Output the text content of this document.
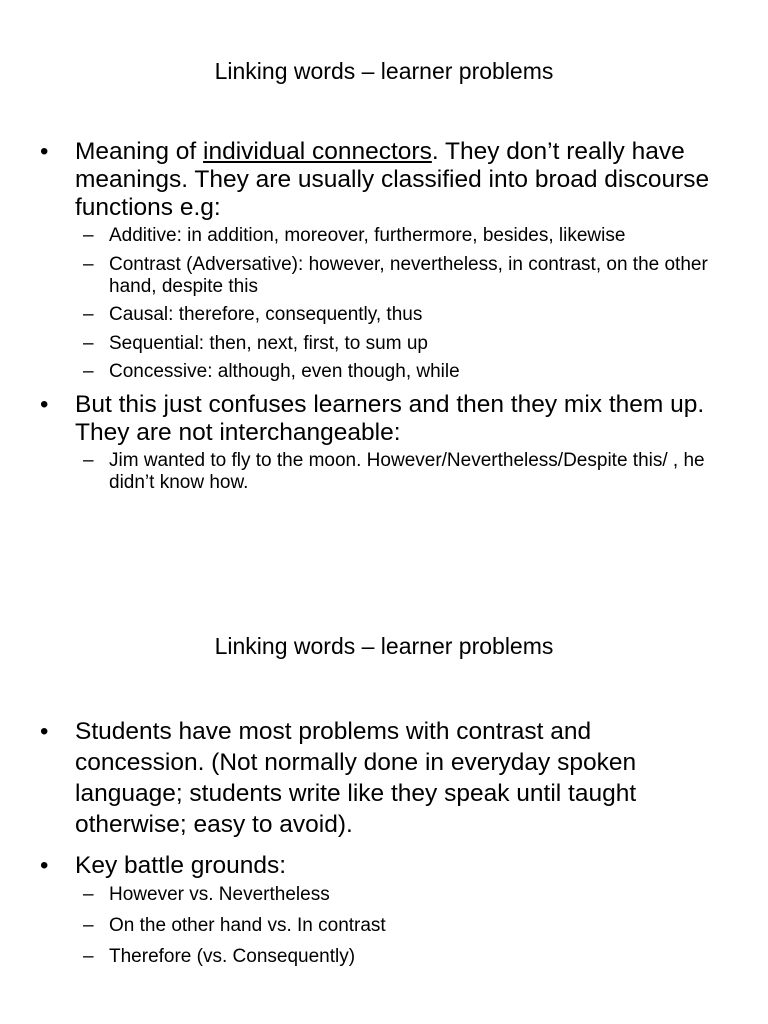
Linking words – learner problems
• Meaning of individual connectors. They don’t really have meanings. They are usually classified into broad discourse functions e.g:
– Additive: in addition, moreover, furthermore, besides, likewise
– Contrast (Adversative): however, nevertheless, in contrast, on the other hand, despite this
– Causal: therefore, consequently, thus
– Sequential: then, next, first, to sum up
– Concessive: although, even though, while
• But this just confuses learners and then they mix them up. They are not interchangeable:
– Jim wanted to fly to the moon. However/Nevertheless/Despite this/ , he didn’t know how.
Linking words – learner problems
• Students have most problems with contrast and concession. (Not normally done in everyday spoken language; students write like they speak until taught otherwise; easy to avoid).
• Key battle grounds:
– However vs. Nevertheless
– On the other hand vs. In contrast
– Therefore (vs. Consequently)
